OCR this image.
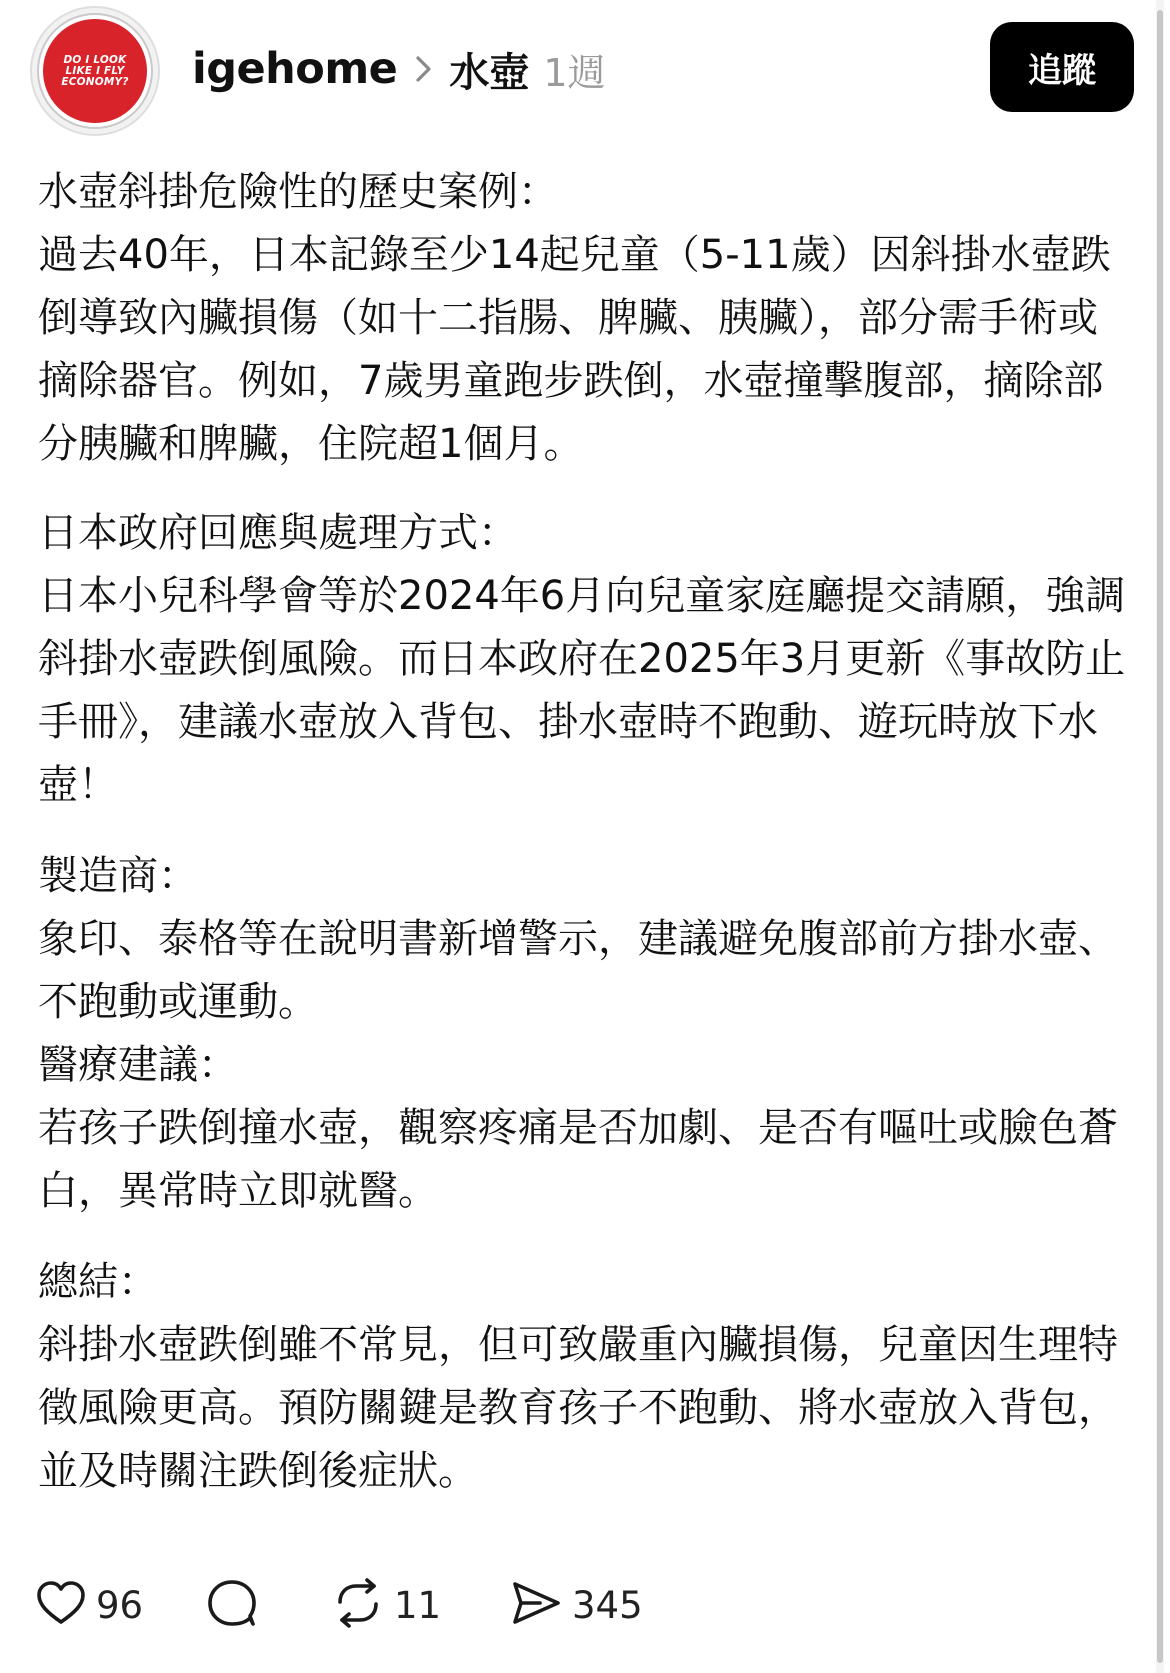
DO I LOOK
LIKE I FLY
ECONOMY? igehome 水壺 1週	追蹤

水壺斜掛危險性的歷史案例：

過去40年，日本記錄至少14起兒童（5-11歲）因斜掛水壺跌倒導致內臟損傷（如十二指腸、脾臟、胰臟），部分需手術或摘除器官。例如，7歲男童跑步跌倒，水壺撞擊腹部，摘除部分胰臟和脾臟，住院超1個月。

日本政府回應與處理方式：

日本小兒科學會等於2024年6月向兒童家庭廳提交請願，強調斜掛水壺跌倒風險。而日本政府在2025年3月更新《事故防止手冊》，建議水壺放入背包、掛水壺時不跑動、遊玩時放下水壺！

製造商：

象印、泰格等在說明書新增警示，建議避免腹部前方掛水壺、不跑動或運動。

醫療建議：

若孩子跌倒撞水壺，觀察疼痛是否加劇、是否有嘔吐或臉色蒼白，異常時立即就醫。

總結：

斜掛水壺跌倒雖不常見，但可致嚴重內臟損傷，兒童因生理特徵風險更高。預防關鍵是教育孩子不跑動、將水壺放入背包，並及時關注跌倒後症狀。

96	11	345
